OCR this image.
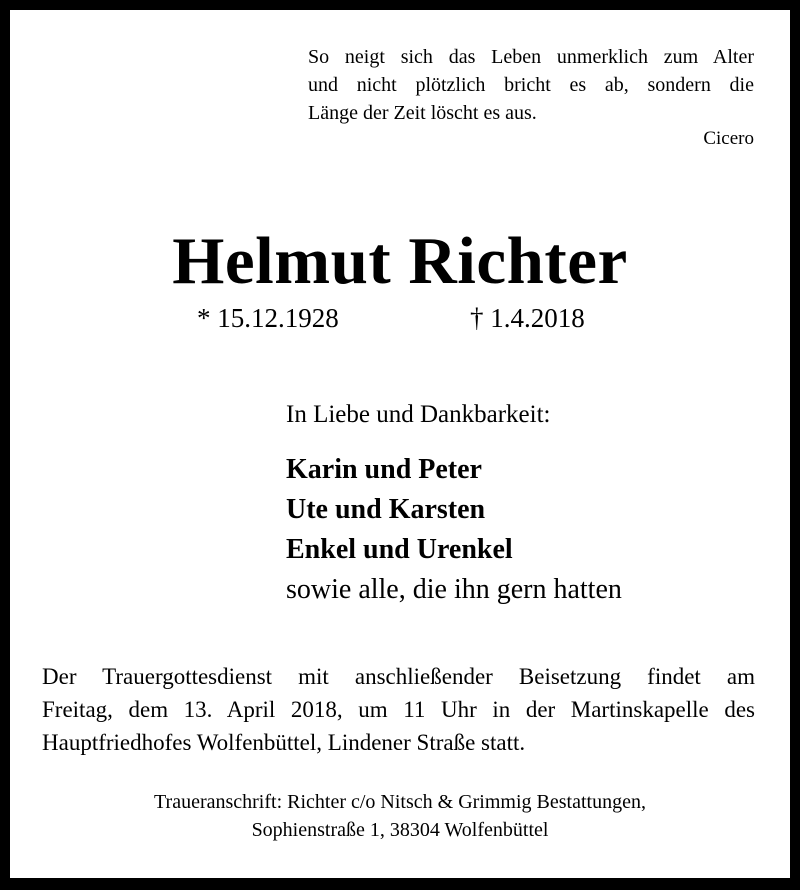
So neigt sich das Leben unmerklich zum Alter
und nicht plötzlich bricht es ab, sondern die
Länge der Zeit löscht es aus.
Cicero
Helmut Richter
* 15.12.1928	† 1.4.2018
In Liebe und Dankbarkeit:
Karin und Peter
Ute und Karsten
Enkel und Urenkel
sowie alle, die ihn gern hatten
Der Trauergottesdienst mit anschließender Beisetzung findet am
Freitag, dem 13. April 2018, um 11 Uhr in der Martinskapelle des
Hauptfriedhofes Wolfenbüttel, Lindener Straße statt.
Traueranschrift: Richter c/o Nitsch & Grimmig Bestattungen,
Sophienstraße 1, 38304 Wolfenbüttel
